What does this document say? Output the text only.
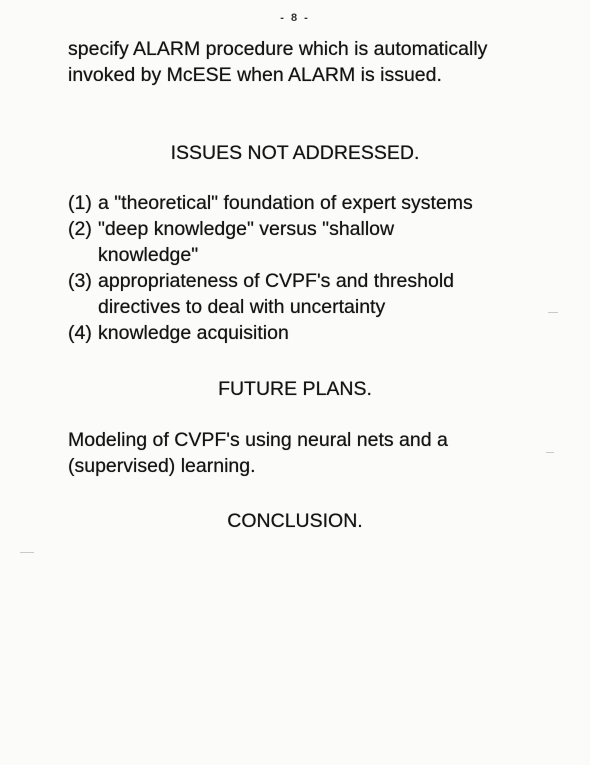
- 8 -

specify ALARM procedure which is automatically invoked by McESE when ALARM is issued.

ISSUES NOT ADDRESSED.
(1) a "theoretical" foundation of expert systems
(2) "deep knowledge" versus "shallow knowledge"
(3) appropriateness of CVPF's and threshold directives to deal with uncertainty
(4) knowledge acquisition
FUTURE PLANS.

Modeling of CVPF's using neural nets and a (supervised) learning.

CONCLUSION.
